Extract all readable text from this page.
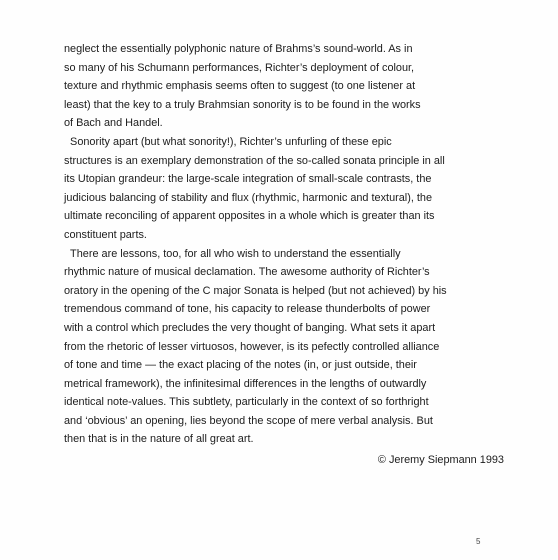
neglect the essentially polyphonic nature of Brahms’s sound-world. As in
so many of his Schumann performances, Richter’s deployment of colour,
texture and rhythmic emphasis seems often to suggest (to one listener at
least) that the key to a truly Brahmsian sonority is to be found in the works
of Bach and Handel.
Sonority apart (but what sonority!), Richter’s unfurling of these epic
structures is an exemplary demonstration of the so-called sonata principle in all
its Utopian grandeur: the large-scale integration of small-scale contrasts, the
judicious balancing of stability and flux (rhythmic, harmonic and textural), the
ultimate reconciling of apparent opposites in a whole which is greater than its
constituent parts.
There are lessons, too, for all who wish to understand the essentially
rhythmic nature of musical declamation. The awesome authority of Richter’s
oratory in the opening of the C major Sonata is helped (but not achieved) by his
tremendous command of tone, his capacity to release thunderbolts of power
with a control which precludes the very thought of banging. What sets it apart
from the rhetoric of lesser virtuosos, however, is its pefectly controlled alliance
of tone and time — the exact placing of the notes (in, or just outside, their
metrical framework), the infinitesimal differences in the lengths of outwardly
identical note-values. This subtlety, particularly in the context of so forthright
and ‘obvious’ an opening, lies beyond the scope of mere verbal analysis. But
then that is in the nature of all great art.
© Jeremy Siepmann 1993
5
